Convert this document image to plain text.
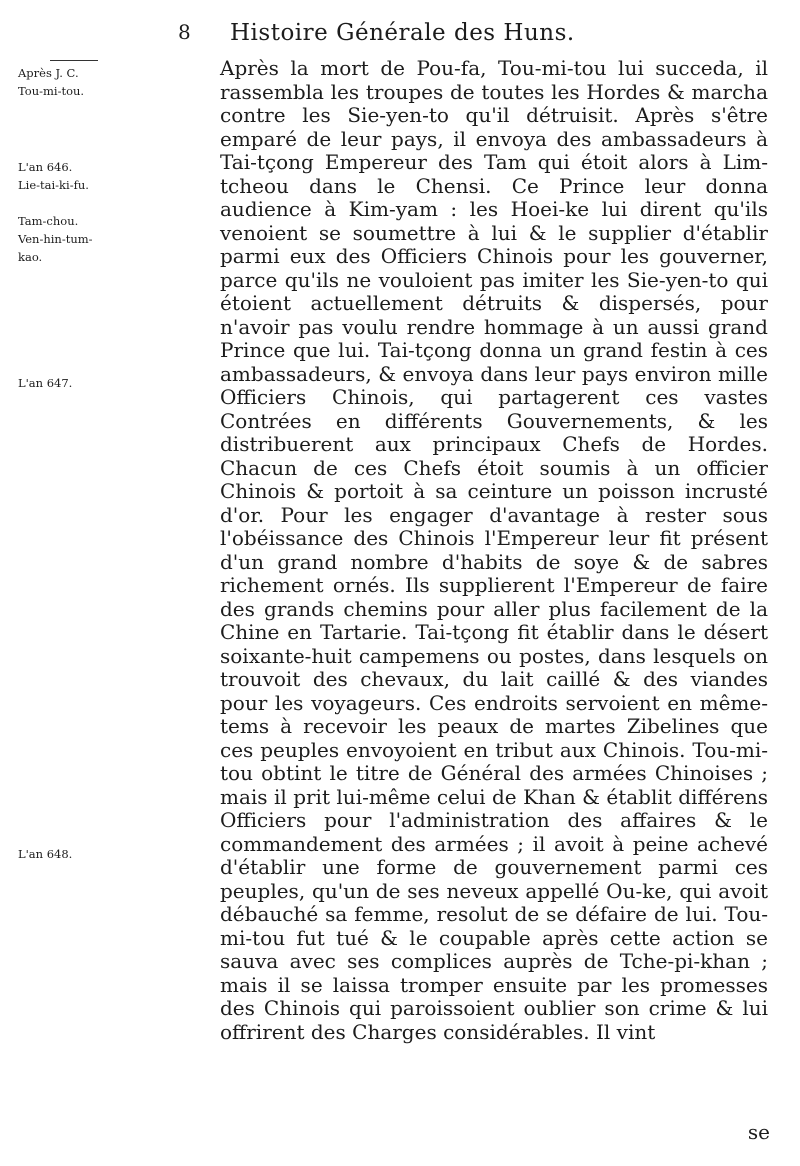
8 Histoire Générale des Huns.
Après J. C.
Tou-mi-tou.
L'an 646.
Lie-tai-ki-fu.
Tam-chou.
Ven-hin-tum-kao.
L'an 647.
L'an 648.

Après la mort de Pou-fa, Tou-mi-tou lui succeda, il rassembla les troupes de toutes les Hordes & marcha contre les Sie-yen-to qu'il détruisit. Après s'être emparé de leur pays, il envoya des ambassadeurs à Tai-tçong Empereur des Tam qui étoit alors à Lim-tcheou dans le Chensi. Ce Prince leur donna audience à Kim-yam : les Hoei-ke lui dirent qu'ils venoient se soumettre à lui & le supplier d'établir parmi eux des Officiers Chinois pour les gouverner, parce qu'ils ne vouloient pas imiter les Sie-yen-to qui étoient actuellement détruits & dispersés, pour n'avoir pas voulu rendre hommage à un aussi grand Prince que lui. Tai-tçong donna un grand festin à ces ambassadeurs, & envoya dans leur pays environ mille Officiers Chinois, qui partagerent ces vastes Contrées en différents Gouvernements, & les distribuerent aux principaux Chefs de Hordes. Chacun de ces Chefs étoit soumis à un officier Chinois & portoit à sa ceinture un poisson incrusté d'or. Pour les engager d'avantage à rester sous l'obéissance des Chinois l'Empereur leur fit présent d'un grand nombre d'habits de soye & de sabres richement ornés. Ils supplierent l'Empereur de faire des grands chemins pour aller plus facilement de la Chine en Tartarie. Tai-tçong fit établir dans le désert soixante-huit campemens ou postes, dans lesquels on trouvoit des chevaux, du lait caillé & des viandes pour les voyageurs. Ces endroits servoient en même-tems à recevoir les peaux de martes Zibelines que ces peuples envoyoient en tribut aux Chinois. Tou-mi-tou obtint le titre de Général des armées Chinoises ; mais il prit lui-même celui de Khan & établit différens Officiers pour l'administration des affaires & le commandement des armées ; il avoit à peine achevé d'établir une forme de gouvernement parmi ces peuples, qu'un de ses neveux appellé Ou-ke, qui avoit débauché sa femme, resolut de se défaire de lui. Tou-mi-tou fut tué & le coupable après cette action se sauva avec ses complices auprès de Tche-pi-khan ; mais il se laissa tromper ensuite par les promesses des Chinois qui paroissoient oublier son crime & lui offrirent des Charges considérables. Il vint

se
